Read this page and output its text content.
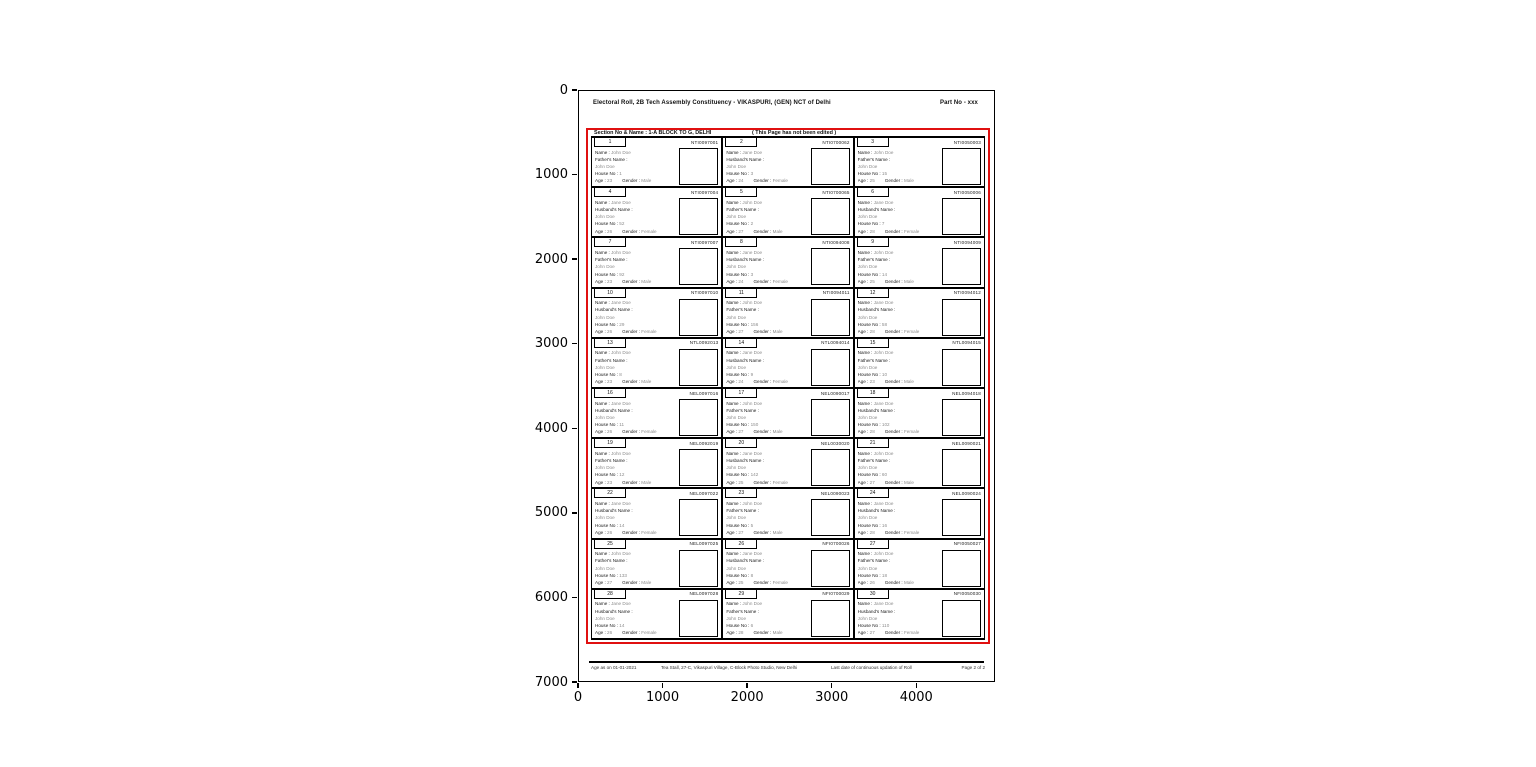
0
1000
2000
3000
4000
5000
6000
7000
0	1000	2000	3000	4000
Electoral Roll, 2B Tech Assembly Constituency - VIKASPURI, (GEN) NCT of Delhi	Part No - xxx
Section No & Name : 1-A BLOCK TO G, DELHI	( This Page has not been edited )
1	NTI0097001
Name : John Doe
Father's Name :
John Doe
House No : 1
Age : 23 Gender : Male
2	NTI0700062
Name : Jane Doe
Husband's Name :
John Doe
House No : 3
Age : 24 Gender : Female
3	NTI0050003
Name : John Doe
Father's Name :
John Doe
House No : 15
Age : 25 Gender : Male
4	NTI0097004
Name : Jane Doe
Husband's Name :
John Doe
House No : 52
Age : 26 Gender : Female
5	NTI0700065
Name : John Doe
Father's Name :
John Doe
House No : 2
Age : 27 Gender : Male
6	NTI0050006
Name : Jane Doe
Husband's Name :
John Doe
House No : 7
Age : 28 Gender : Female
7	NTI0097007
Name : John Doe
Father's Name :
John Doe
House No : 92
Age : 23 Gender : Male
8	NTI0094008
Name : Jane Doe
Husband's Name :
John Doe
House No : 3
Age : 24 Gender : Female
9	NTI0094009
Name : John Doe
Father's Name :
John Doe
House No : 14
Age : 25 Gender : Male
10	NTI0097010
Name : Jane Doe
Husband's Name :
John Doe
House No : 29
Age : 26 Gender : Female
11	NTI0094011
Name : John Doe
Father's Name :
John Doe
House No : 156
Age : 27 Gender : Male
12	NTI0094012
Name : Jane Doe
Husband's Name :
John Doe
House No : 58
Age : 28 Gender : Female
13	NTL0092013
Name : John Doe
Father's Name :
John Doe
House No : 8
Age : 23 Gender : Male
14	NTL0094014
Name : Jane Doe
Husband's Name :
John Doe
House No : 9
Age : 24 Gender : Female
15	NTL0094015
Name : John Doe
Father's Name :
John Doe
House No : 10
Age : 23 Gender : Male
16	NEL0097016
Name : Jane Doe
Husband's Name :
John Doe
House No : 11
Age : 26 Gender : Female
17	NEL0090017
Name : John Doe
Father's Name :
John Doe
House No : 150
Age : 27 Gender : Male
18	NEL0094018
Name : Jane Doe
Husband's Name :
John Doe
House No : 102
Age : 28 Gender : Female
19	NEL0092019
Name : John Doe
Father's Name :
John Doe
House No : 12
Age : 23 Gender : Male
20	NEL0030020
Name : Jane Doe
Husband's Name :
John Doe
House No : 142
Age : 25 Gender : Female
21	NEL0090021
Name : John Doe
Father's Name :
John Doe
House No : 60
Age : 27 Gender : Male
22	NEL0097022
Name : Jane Doe
Husband's Name :
John Doe
House No : 14
Age : 26 Gender : Female
23	NEL0090023
Name : John Doe
Father's Name :
John Doe
House No : 5
Age : 27 Gender : Male
24	NEL0090024
Name : Jane Doe
Husband's Name :
John Doe
House No : 16
Age : 28 Gender : Female
25	NEL0097025
Name : John Doe
Father's Name :
John Doe
House No : 133
Age : 27 Gender : Male
26	NFI0700026
Name : Jane Doe
Husband's Name :
John Doe
House No : 8
Age : 25 Gender : Female
27	NFI0050027
Name : John Doe
Father's Name :
John Doe
House No : 18
Age : 26 Gender : Male
28	NEL0097028
Name : Jane Doe
Husband's Name :
John Doe
House No : 14
Age : 26 Gender : Female
29	NFI0700029
Name : John Doe
Father's Name :
John Doe
House No : 6
Age : 28 Gender : Male
30	NFI0050030
Name : Jane Doe
Husband's Name :
John Doe
House No : 110
Age : 27 Gender : Female
Age as on 01-01-2021	Tea Stall, 27-C, Vikaspuri Village, C-Block Photo Studio, New Delhi	Last date of continuous updation of Roll	Page 2 of 2
